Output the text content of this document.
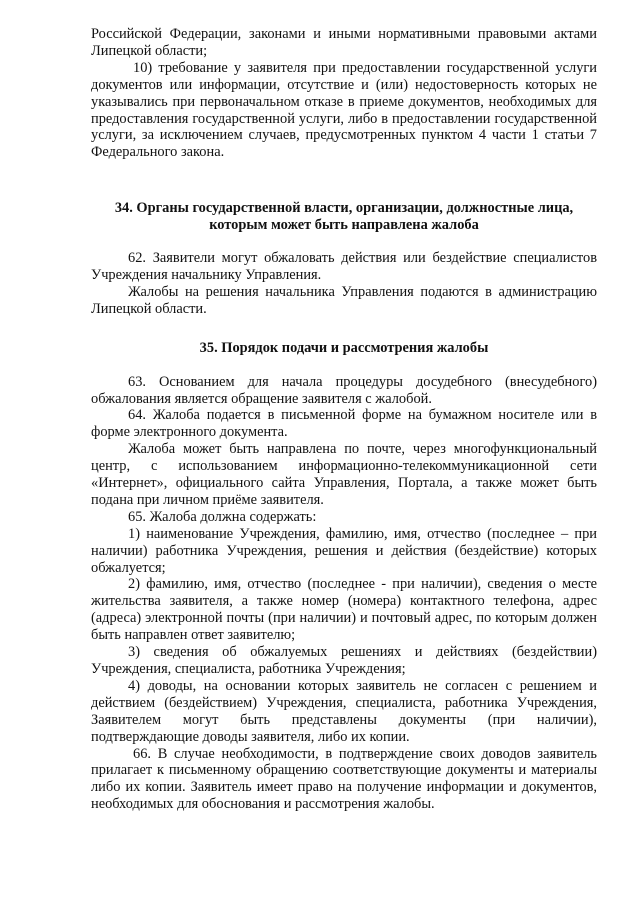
Российской Федерации, законами и иными нормативными правовыми актами Липецкой области;

10) требование у заявителя при предоставлении государственной услуги документов или информации, отсутствие и (или) недостоверность которых не указывались при первоначальном отказе в приеме документов, необходимых для предоставления государственной услуги, либо в предоставлении государственной услуги, за исключением случаев, предусмотренных пунктом 4 части 1 статьи 7 Федерального закона.

34. Органы государственной власти, организации, должностные лица, которым может быть направлена жалоба

62. Заявители могут обжаловать действия или бездействие специалистов Учреждения начальнику Управления.

Жалобы на решения начальника Управления подаются в администрацию Липецкой области.

35. Порядок подачи и рассмотрения жалобы

63. Основанием для начала процедуры досудебного (внесудебного) обжалования является обращение заявителя с жалобой.

64. Жалоба подается в письменной форме на бумажном носителе или в форме электронного документа.

Жалоба может быть направлена по почте, через многофункциональный центр, с использованием информационно-телекоммуникационной сети «Интернет», официального сайта Управления, Портала, а также может быть подана при личном приёме заявителя.

65. Жалоба должна содержать:

1) наименование Учреждения, фамилию, имя, отчество (последнее – при наличии) работника Учреждения, решения и действия (бездействие) которых обжалуется;

2) фамилию, имя, отчество (последнее - при наличии), сведения о месте жительства заявителя, а также номер (номера) контактного телефона, адрес (адреса) электронной почты (при наличии) и почтовый адрес, по которым должен быть направлен ответ заявителю;

3) сведения об обжалуемых решениях и действиях (бездействии) Учреждения, специалиста, работника Учреждения;

4) доводы, на основании которых заявитель не согласен с решением и действием (бездействием) Учреждения, специалиста, работника Учреждения, Заявителем могут быть представлены документы (при наличии), подтверждающие доводы заявителя, либо их копии.

66. В случае необходимости, в подтверждение своих доводов заявитель прилагает к письменному обращению соответствующие документы и материалы либо их копии. Заявитель имеет право на получение информации и документов, необходимых для обоснования и рассмотрения жалобы.
